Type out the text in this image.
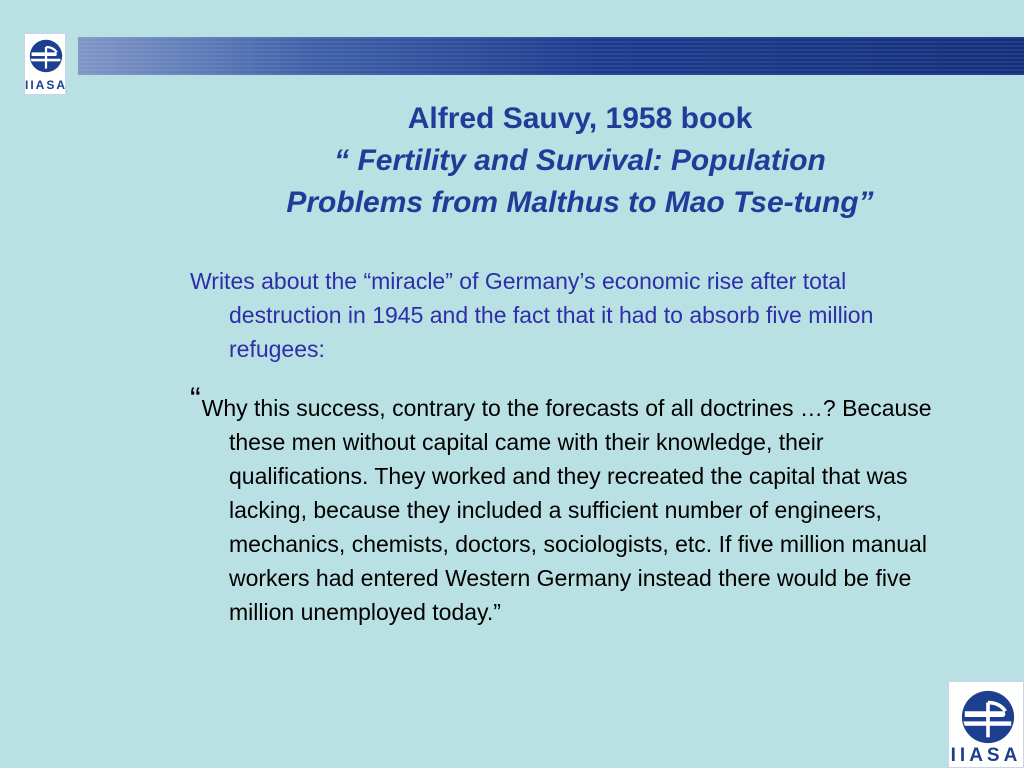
IIASA
Alfred Sauvy, 1958 book
“ Fertility and Survival: Population
Problems from Malthus to Mao Tse-tung”
Writes about the “miracle” of Germany’s economic rise after total destruction in 1945 and the fact that it had to absorb five million refugees:
“Why this success, contrary to the forecasts of all doctrines …? Because these men without capital came with their knowledge, their qualifications. They worked and they recreated the capital that was lacking, because they included a sufficient number of engineers, mechanics, chemists, doctors, sociologists, etc. If five million manual workers had entered Western Germany instead there would be five million unemployed today.”
IIASA
